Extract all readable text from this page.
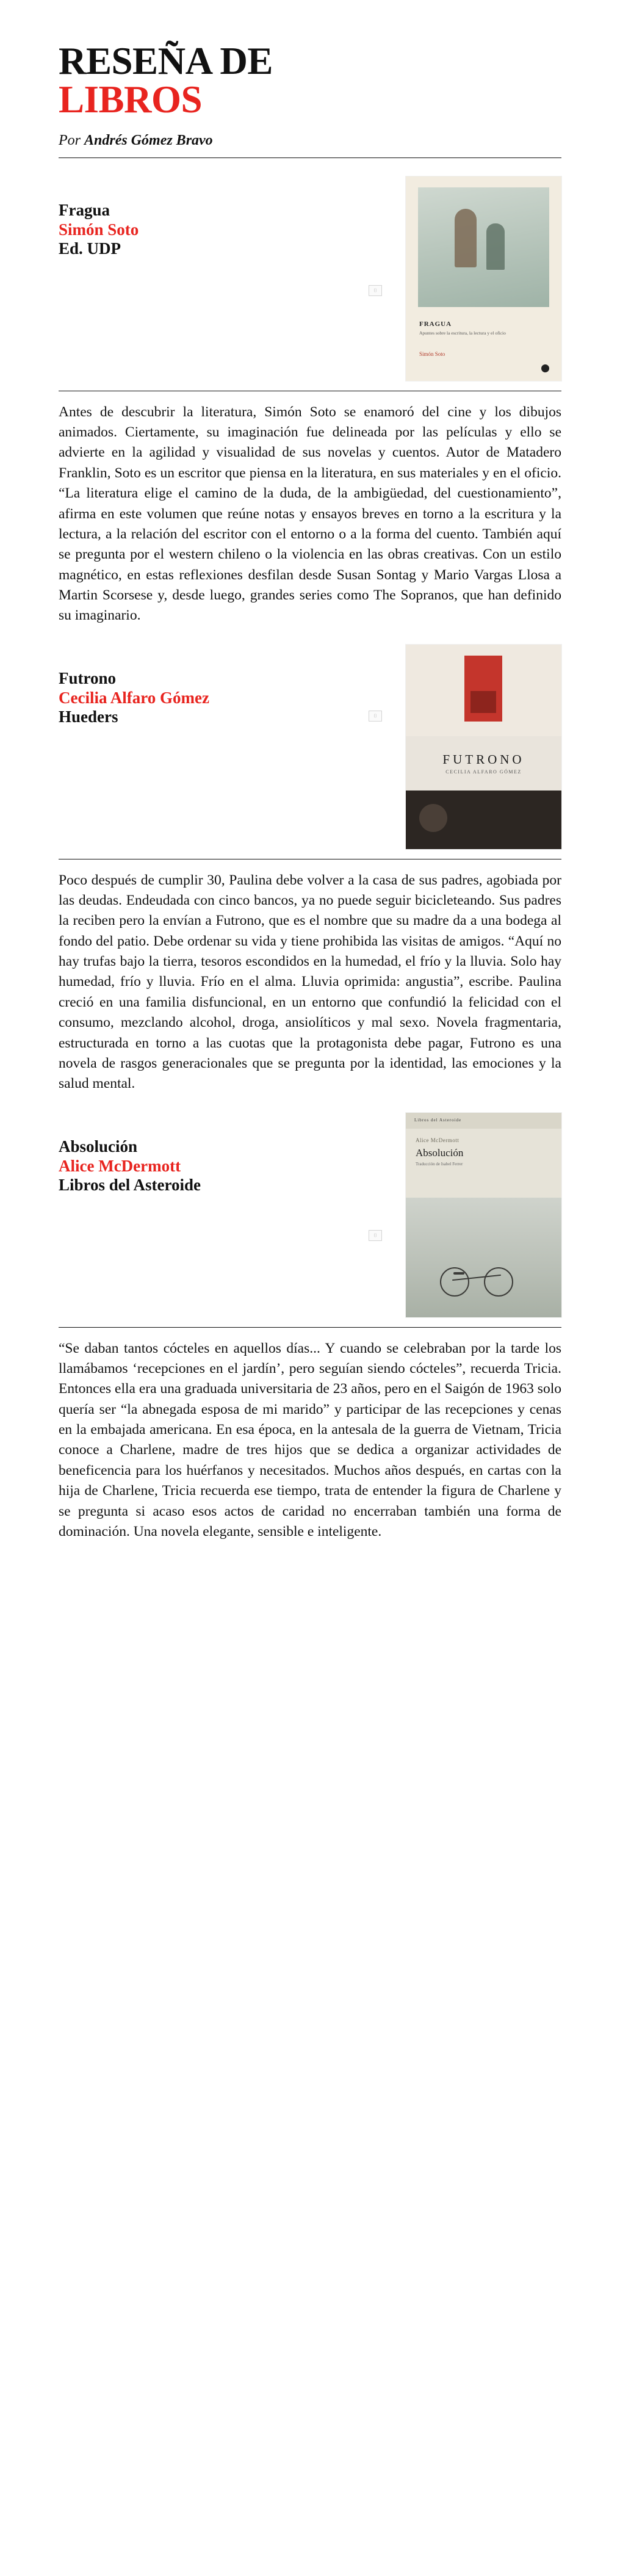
RESEÑA DE
LIBROS
Por Andrés Gómez Bravo
Fragua
Simón Soto
Ed. UDP
FRAGUA
Apuntes sobre la escritura, la lectura y el oficio
Simón Soto
⌷

Antes de descubrir la literatura, Simón Soto se enamoró del cine y los dibujos animados. Ciertamente, su imaginación fue delineada por las películas y ello se advierte en la agilidad y visualidad de sus novelas y cuentos. Autor de Matadero Franklin, Soto es un escritor que piensa en la literatura, en sus materiales y en el oficio. “La literatura elige el camino de la duda, de la ambigüedad, del cuestionamiento”, afirma en este volumen que reúne notas y ensayos breves en torno a la escritura y la lectura, a la relación del escritor con el entorno o a la forma del cuento. También aquí se pregunta por el western chileno o la violencia en las obras creativas. Con un estilo magnético, en estas reflexiones desfilan desde Susan Sontag y Mario Vargas Llosa a Martin Scorsese y, desde luego, grandes series como The Sopranos, que han definido su imaginario.

Futrono
Cecilia Alfaro Gómez
Hueders
FUTRONO
CECILIA ALFARO GÓMEZ
⌷

Poco después de cumplir 30, Paulina debe volver a la casa de sus padres, agobiada por las deudas. Endeudada con cinco bancos, ya no puede seguir bicicleteando. Sus padres la reciben pero la envían a Futrono, que es el nombre que su madre da a una bodega al fondo del patio. Debe ordenar su vida y tiene prohibida las visitas de amigos. “Aquí no hay trufas bajo la tierra, tesoros escondidos en la humedad, el frío y la lluvia. Solo hay humedad, frío y lluvia. Frío en el alma. Lluvia oprimida: angustia”, escribe. Paulina creció en una familia disfuncional, en un entorno que confundió la felicidad con el consumo, mezclando alcohol, droga, ansiolíticos y mal sexo. Novela fragmentaria, estructurada en torno a las cuotas que la protagonista debe pagar, Futrono es una novela de rasgos generacionales que se pregunta por la identidad, las emociones y la salud mental.

Absolución
Alice McDermott
Libros del Asteroide
Libros del Asteroide
Alice McDermott
Absolución
Traducción de Isabel Ferrer
⌷

“Se daban tantos cócteles en aquellos días... Y cuando se celebraban por la tarde los llamábamos ‘recepciones en el jardín’, pero seguían siendo cócteles”, recuerda Tricia. Entonces ella era una graduada universitaria de 23 años, pero en el Saigón de 1963 solo quería ser “la abnegada esposa de mi marido” y participar de las recepciones y cenas en la embajada americana. En esa época, en la antesala de la guerra de Vietnam, Tricia conoce a Charlene, madre de tres hijos que se dedica a organizar actividades de beneficencia para los huérfanos y necesitados. Muchos años después, en cartas con la hija de Charlene, Tricia recuerda ese tiempo, trata de entender la figura de Charlene y se pregunta si acaso esos actos de caridad no encerraban también una forma de dominación. Una novela elegante, sensible e inteligente.
